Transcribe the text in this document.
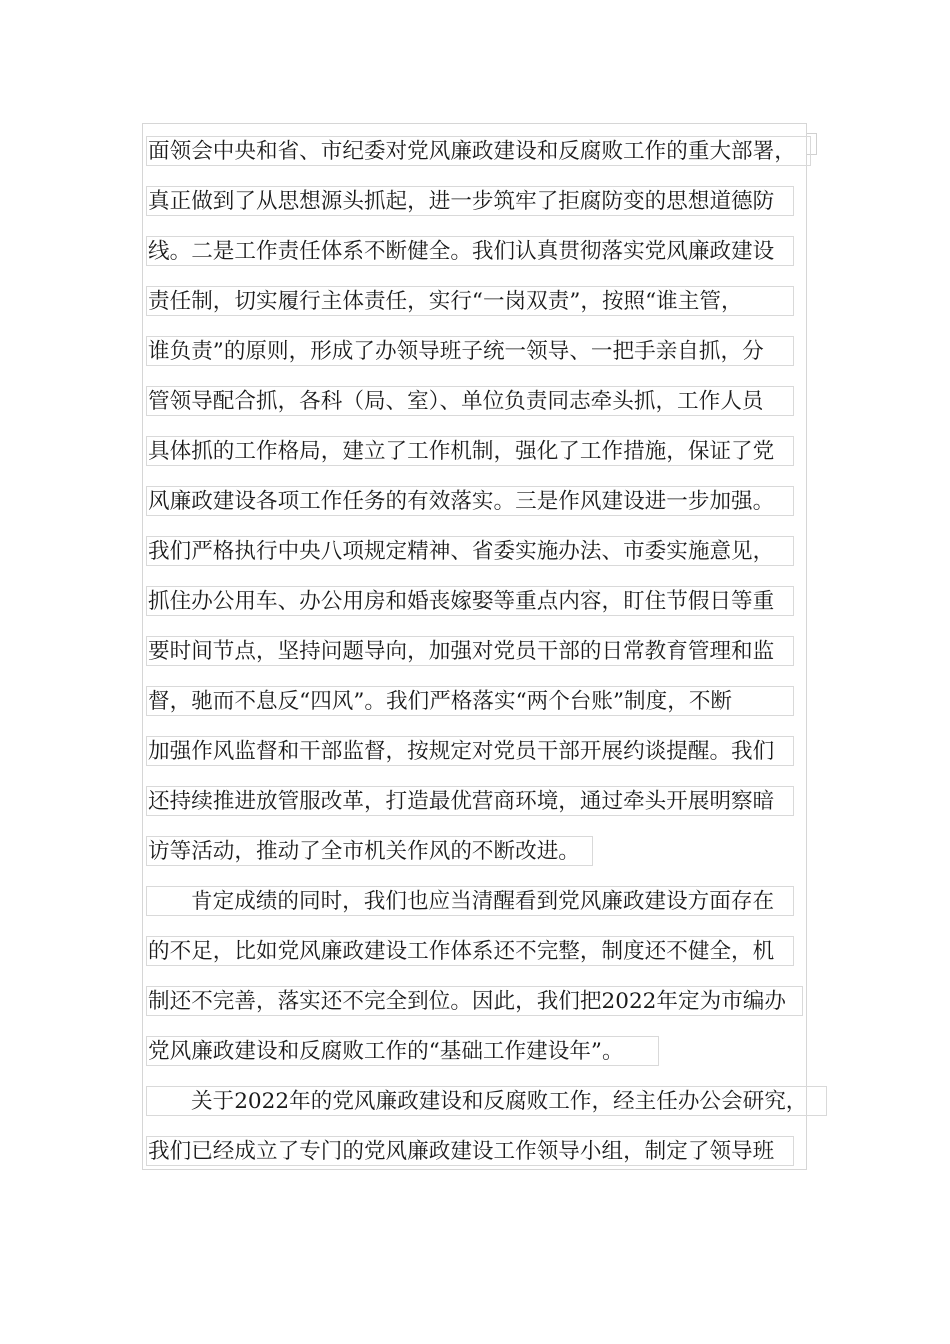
面领会中央和省、市纪委对党风廉政建设和反腐败工作的重大部署，
真正做到了从思想源头抓起，进一步筑牢了拒腐防变的思想道德防
线。二是工作责任体系不断健全。我们认真贯彻落实党风廉政建设
责任制，切实履行主体责任，实行“一岗双责”，按照“谁主管，
谁负责”的原则，形成了办领导班子统一领导、一把手亲自抓，分
管领导配合抓，各科（局、室）、单位负责同志牵头抓，工作人员
具体抓的工作格局，建立了工作机制，强化了工作措施，保证了党
风廉政建设各项工作任务的有效落实。三是作风建设进一步加强。
我们严格执行中央八项规定精神、省委实施办法、市委实施意见，
抓住办公用车、办公用房和婚丧嫁娶等重点内容，盯住节假日等重
要时间节点，坚持问题导向，加强对党员干部的日常教育管理和监
督，驰而不息反“四风”。我们严格落实“两个台账”制度，不断
加强作风监督和干部监督，按规定对党员干部开展约谈提醒。我们
还持续推进放管服改革，打造最优营商环境，通过牵头开展明察暗
访等活动，推动了全市机关作风的不断改进。
肯定成绩的同时，我们也应当清醒看到党风廉政建设方面存在
的不足，比如党风廉政建设工作体系还不完整，制度还不健全，机
制还不完善，落实还不完全到位。因此，我们把2022年定为市编办
党风廉政建设和反腐败工作的“基础工作建设年”。
关于2022年的党风廉政建设和反腐败工作，经主任办公会研究，
我们已经成立了专门的党风廉政建设工作领导小组，制定了领导班
